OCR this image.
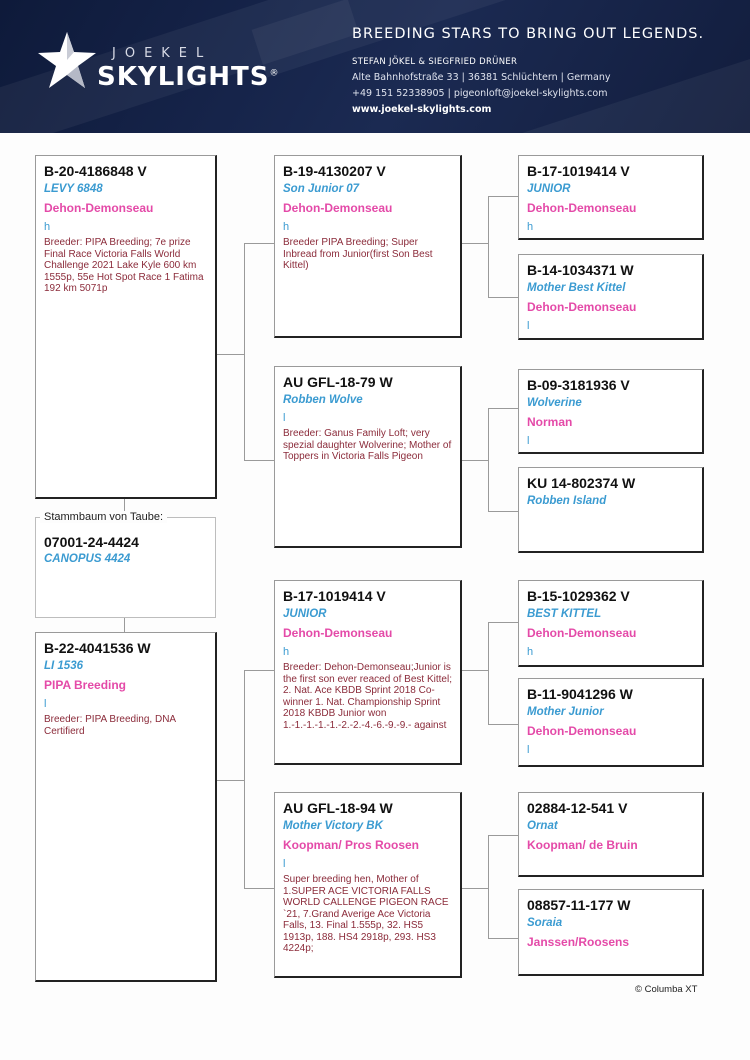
JOEKEL
SKYLIGHTS®
BREEDING STARS TO BRING OUT LEGENDS.
STEFAN JÖKEL & SIEGFRIED DRÜNER
Alte Bahnhofstraße 33 | 36381 Schlüchtern | Germany
+49 151 52338905 | pigeonloft@joekel-skylights.com
www.joekel-skylights.com
07001-24-4424
CANOPUS 4424
Stammbaum von Taube:
B-20-4186848 V
LEVY 6848
Dehon-Demonseau
h
Breeder: PIPA Breeding; 7e prize Final Race Victoria Falls World Challenge 2021 Lake Kyle 600 km 1555p, 55e Hot Spot Race 1 Fatima 192 km 5071p
B-22-4041536 W
LI 1536
PIPA Breeding
l
Breeder: PIPA Breeding, DNA Certifierd
B-19-4130207 V
Son Junior 07
Dehon-Demonseau
h
Breeder PIPA Breeding; Super Inbread from Junior(first Son Best Kittel)
AU GFL-18-79 W
Robben Wolve
l
Breeder: Ganus Family Loft; very spezial daughter Wolverine; Mother of Toppers in Victoria Falls Pigeon
B-17-1019414 V
JUNIOR
Dehon-Demonseau
h
Breeder: Dehon-Demonseau;Junior is the first son ever reaced of Best Kittel; 2. Nat. Ace KBDB Sprint 2018 Co-winner 1. Nat. Championship Sprint 2018 KBDB Junior won 1.-1.-1.-1.-1.-2.-2.-4.-6.-9.-9.- against
AU GFL-18-94 W
Mother Victory BK
Koopman/ Pros Roosen
l
Super breeding hen, Mother of 1.SUPER ACE VICTORIA FALLS WORLD CALLENGE PIGEON RACE `21, 7.Grand Averige Ace Victoria Falls, 13. Final 1.555p, 32. HS5 1913p, 188. HS4 2918p, 293. HS3 4224p;
B-17-1019414 V
JUNIOR
Dehon-Demonseau
h
B-14-1034371 W
Mother Best Kittel
Dehon-Demonseau
l
B-09-3181936 V
Wolverine
Norman
l
KU 14-802374 W
Robben Island
B-15-1029362 V
BEST KITTEL
Dehon-Demonseau
h
B-11-9041296 W
Mother Junior
Dehon-Demonseau
l
02884-12-541 V
Ornat
Koopman/ de Bruin
08857-11-177 W
Soraia
Janssen/Roosens
© Columba XT
